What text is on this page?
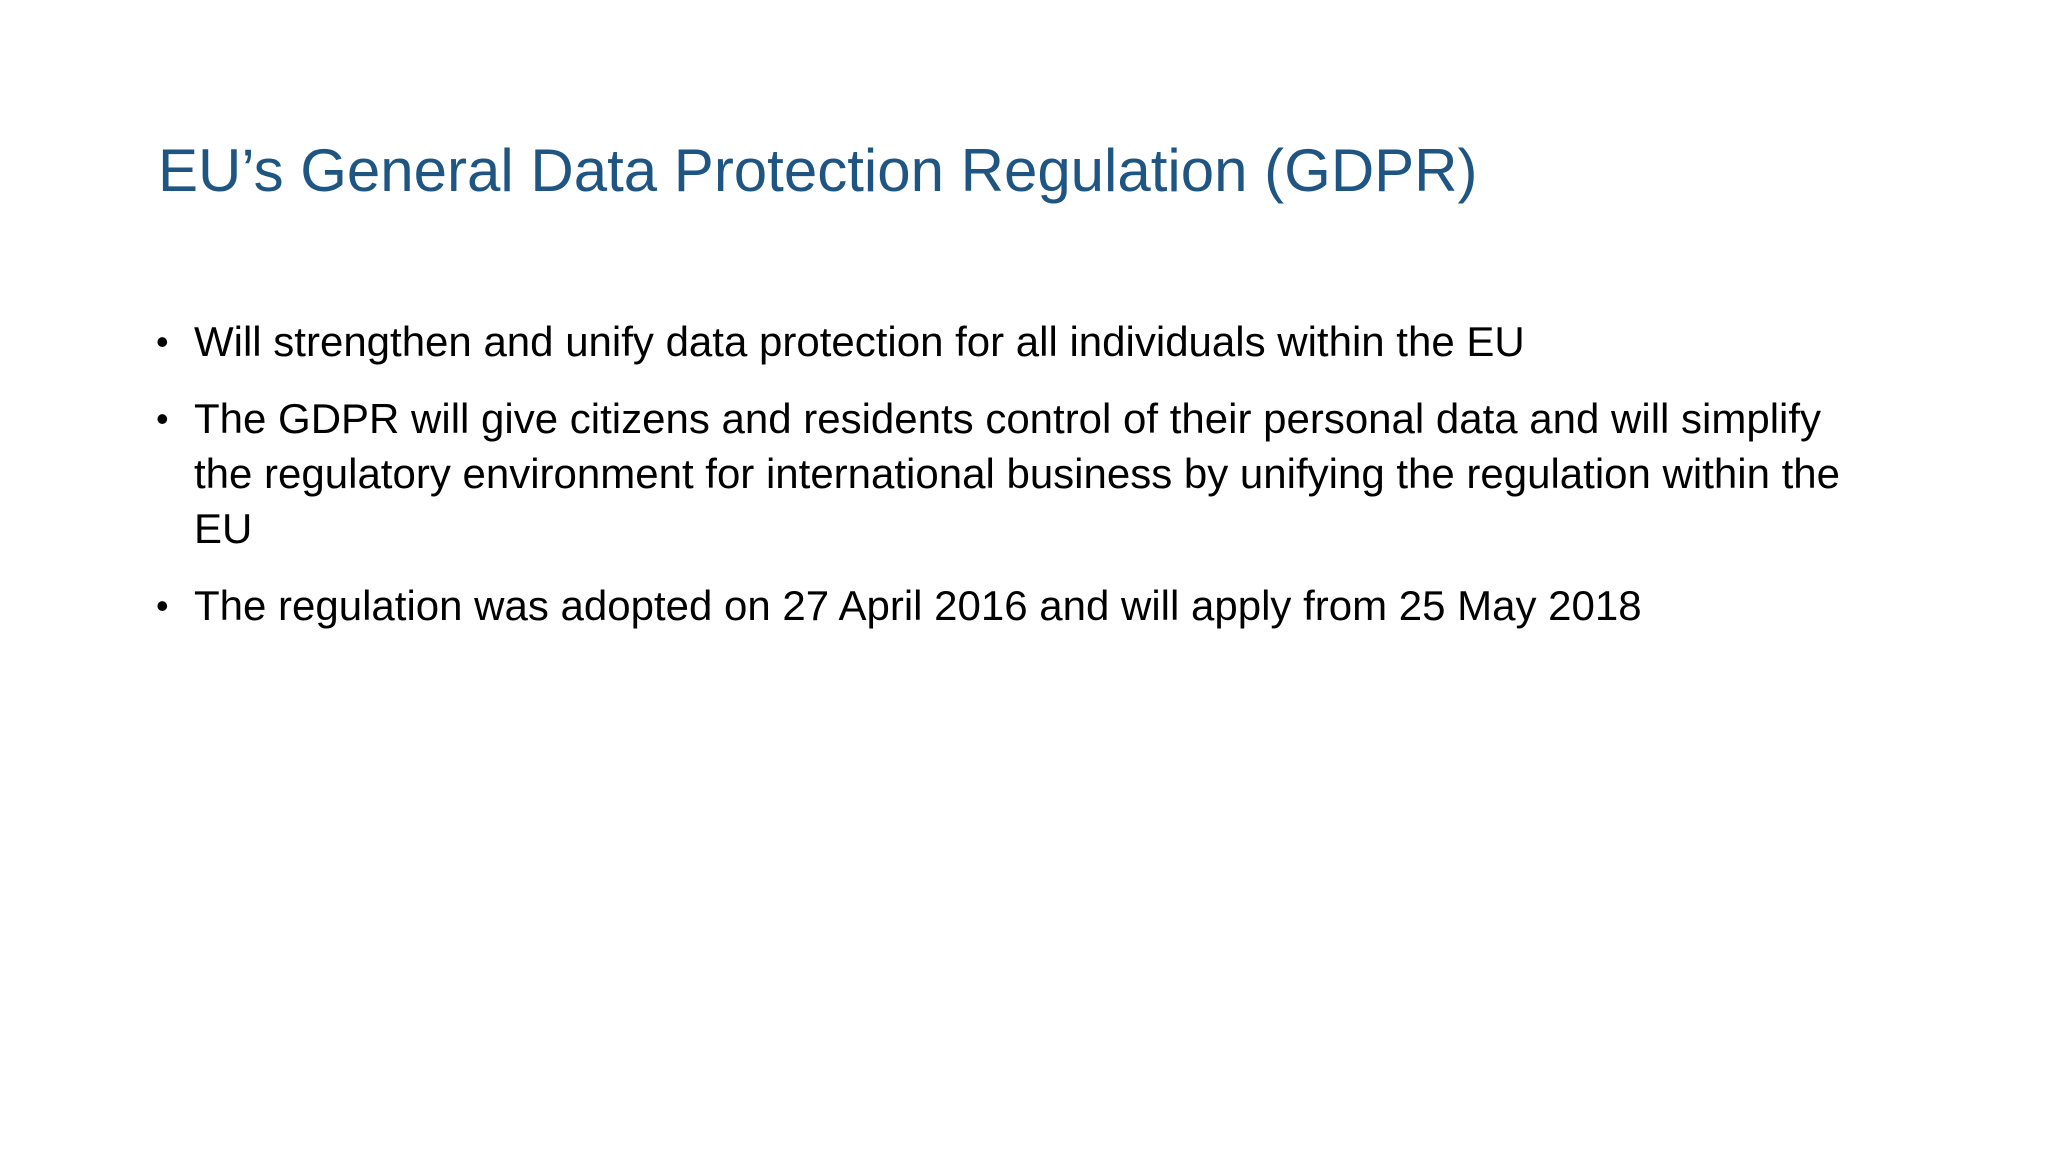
EU’s General Data Protection Regulation (GDPR)
• Will strengthen and unify data protection for all individuals within the EU
• The GDPR will give citizens and residents control of their personal data and will simplify the regulatory environment for international business by unifying the regulation within the EU
• The regulation was adopted on 27 April 2016 and will apply from 25 May 2018
